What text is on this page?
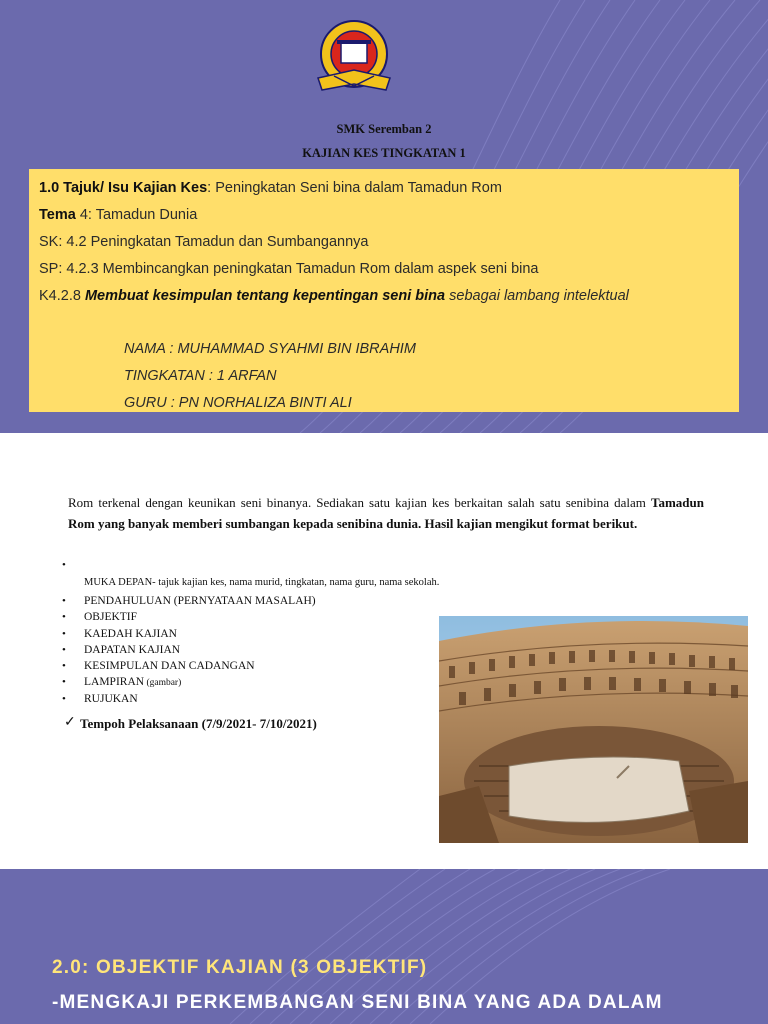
SMK Seremban 2
KAJIAN KES TINGKATAN 1
1.0 Tajuk/ Isu Kajian Kes: Peningkatan Seni bina dalam Tamadun Rom
Tema 4: Tamadun Dunia
SK: 4.2 Peningkatan Tamadun dan Sumbangannya
SP: 4.2.3 Membincangkan peningkatan Tamadun Rom dalam aspek seni bina
K4.2.8 Membuat kesimpulan tentang kepentingan seni bina sebagai lambang intelektual
NAMA : MUHAMMAD SYAHMI BIN IBRAHIM
TINGKATAN : 1 ARFAN
GURU : PN NORHALIZA BINTI ALI
Rom terkenal dengan keunikan seni binanya. Sediakan satu kajian kes berkaitan salah satu senibina dalam Tamadun Rom yang banyak memberi sumbangan kepada senibina dunia. Hasil kajian mengikut format berikut.
•
MUKA DEPAN- tajuk kajian kes, nama murid, tingkatan, nama guru, nama sekolah.
• PENDAHULUAN (PERNYATAAN MASALAH)
• OBJEKTIF
• KAEDAH KAJIAN
• DAPATAN KAJIAN
• KESIMPULAN DAN CADANGAN
• LAMPIRAN (gambar)
• RUJUKAN
✓ Tempoh Pelaksanaan (7/9/2021- 7/10/2021)
2.0: OBJEKTIF KAJIAN (3 OBJEKTIF)
-MENGKAJI PERKEMBANGAN SENI BINA YANG ADA DALAM
